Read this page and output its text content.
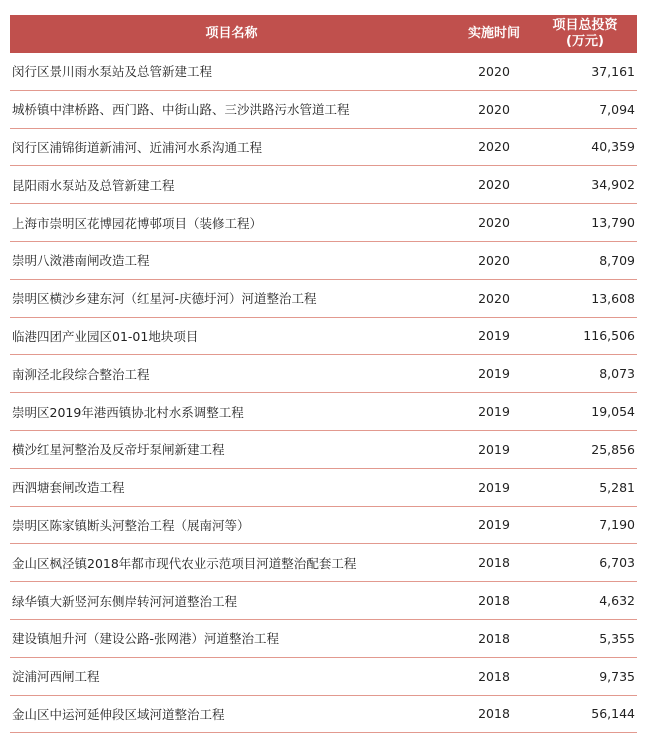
项目名称	实施时间	项目总投资
(万元)
闵行区景川雨水泵站及总管新建工程	2020	37,161
城桥镇中津桥路、西门路、中街山路、三沙洪路污水管道工程	2020	7,094
闵行区浦锦街道新浦河、近浦河水系沟通工程	2020	40,359
昆阳雨水泵站及总管新建工程	2020	34,902
上海市崇明区花博园花博邨项目（装修工程）	2020	13,790
崇明八滧港南闸改造工程	2020	8,709
崇明区横沙乡建东河（红星河-庆德圩河）河道整治工程	2020	13,608
临港四团产业园区01-01地块项目	2019	116,506
南泖泾北段综合整治工程	2019	8,073
崇明区2019年港西镇协北村水系调整工程	2019	19,054
横沙红星河整治及反帝圩泵闸新建工程	2019	25,856
西泗塘套闸改造工程	2019	5,281
崇明区陈家镇断头河整治工程（展南河等）	2019	7,190
金山区枫泾镇2018年都市现代农业示范项目河道整治配套工程	2018	6,703
绿华镇大新竖河东侧岸转河河道整治工程	2018	4,632
建设镇旭升河（建设公路-张网港）河道整治工程	2018	5,355
淀浦河西闸工程	2018	9,735
金山区中运河延伸段区域河道整治工程	2018	56,144
